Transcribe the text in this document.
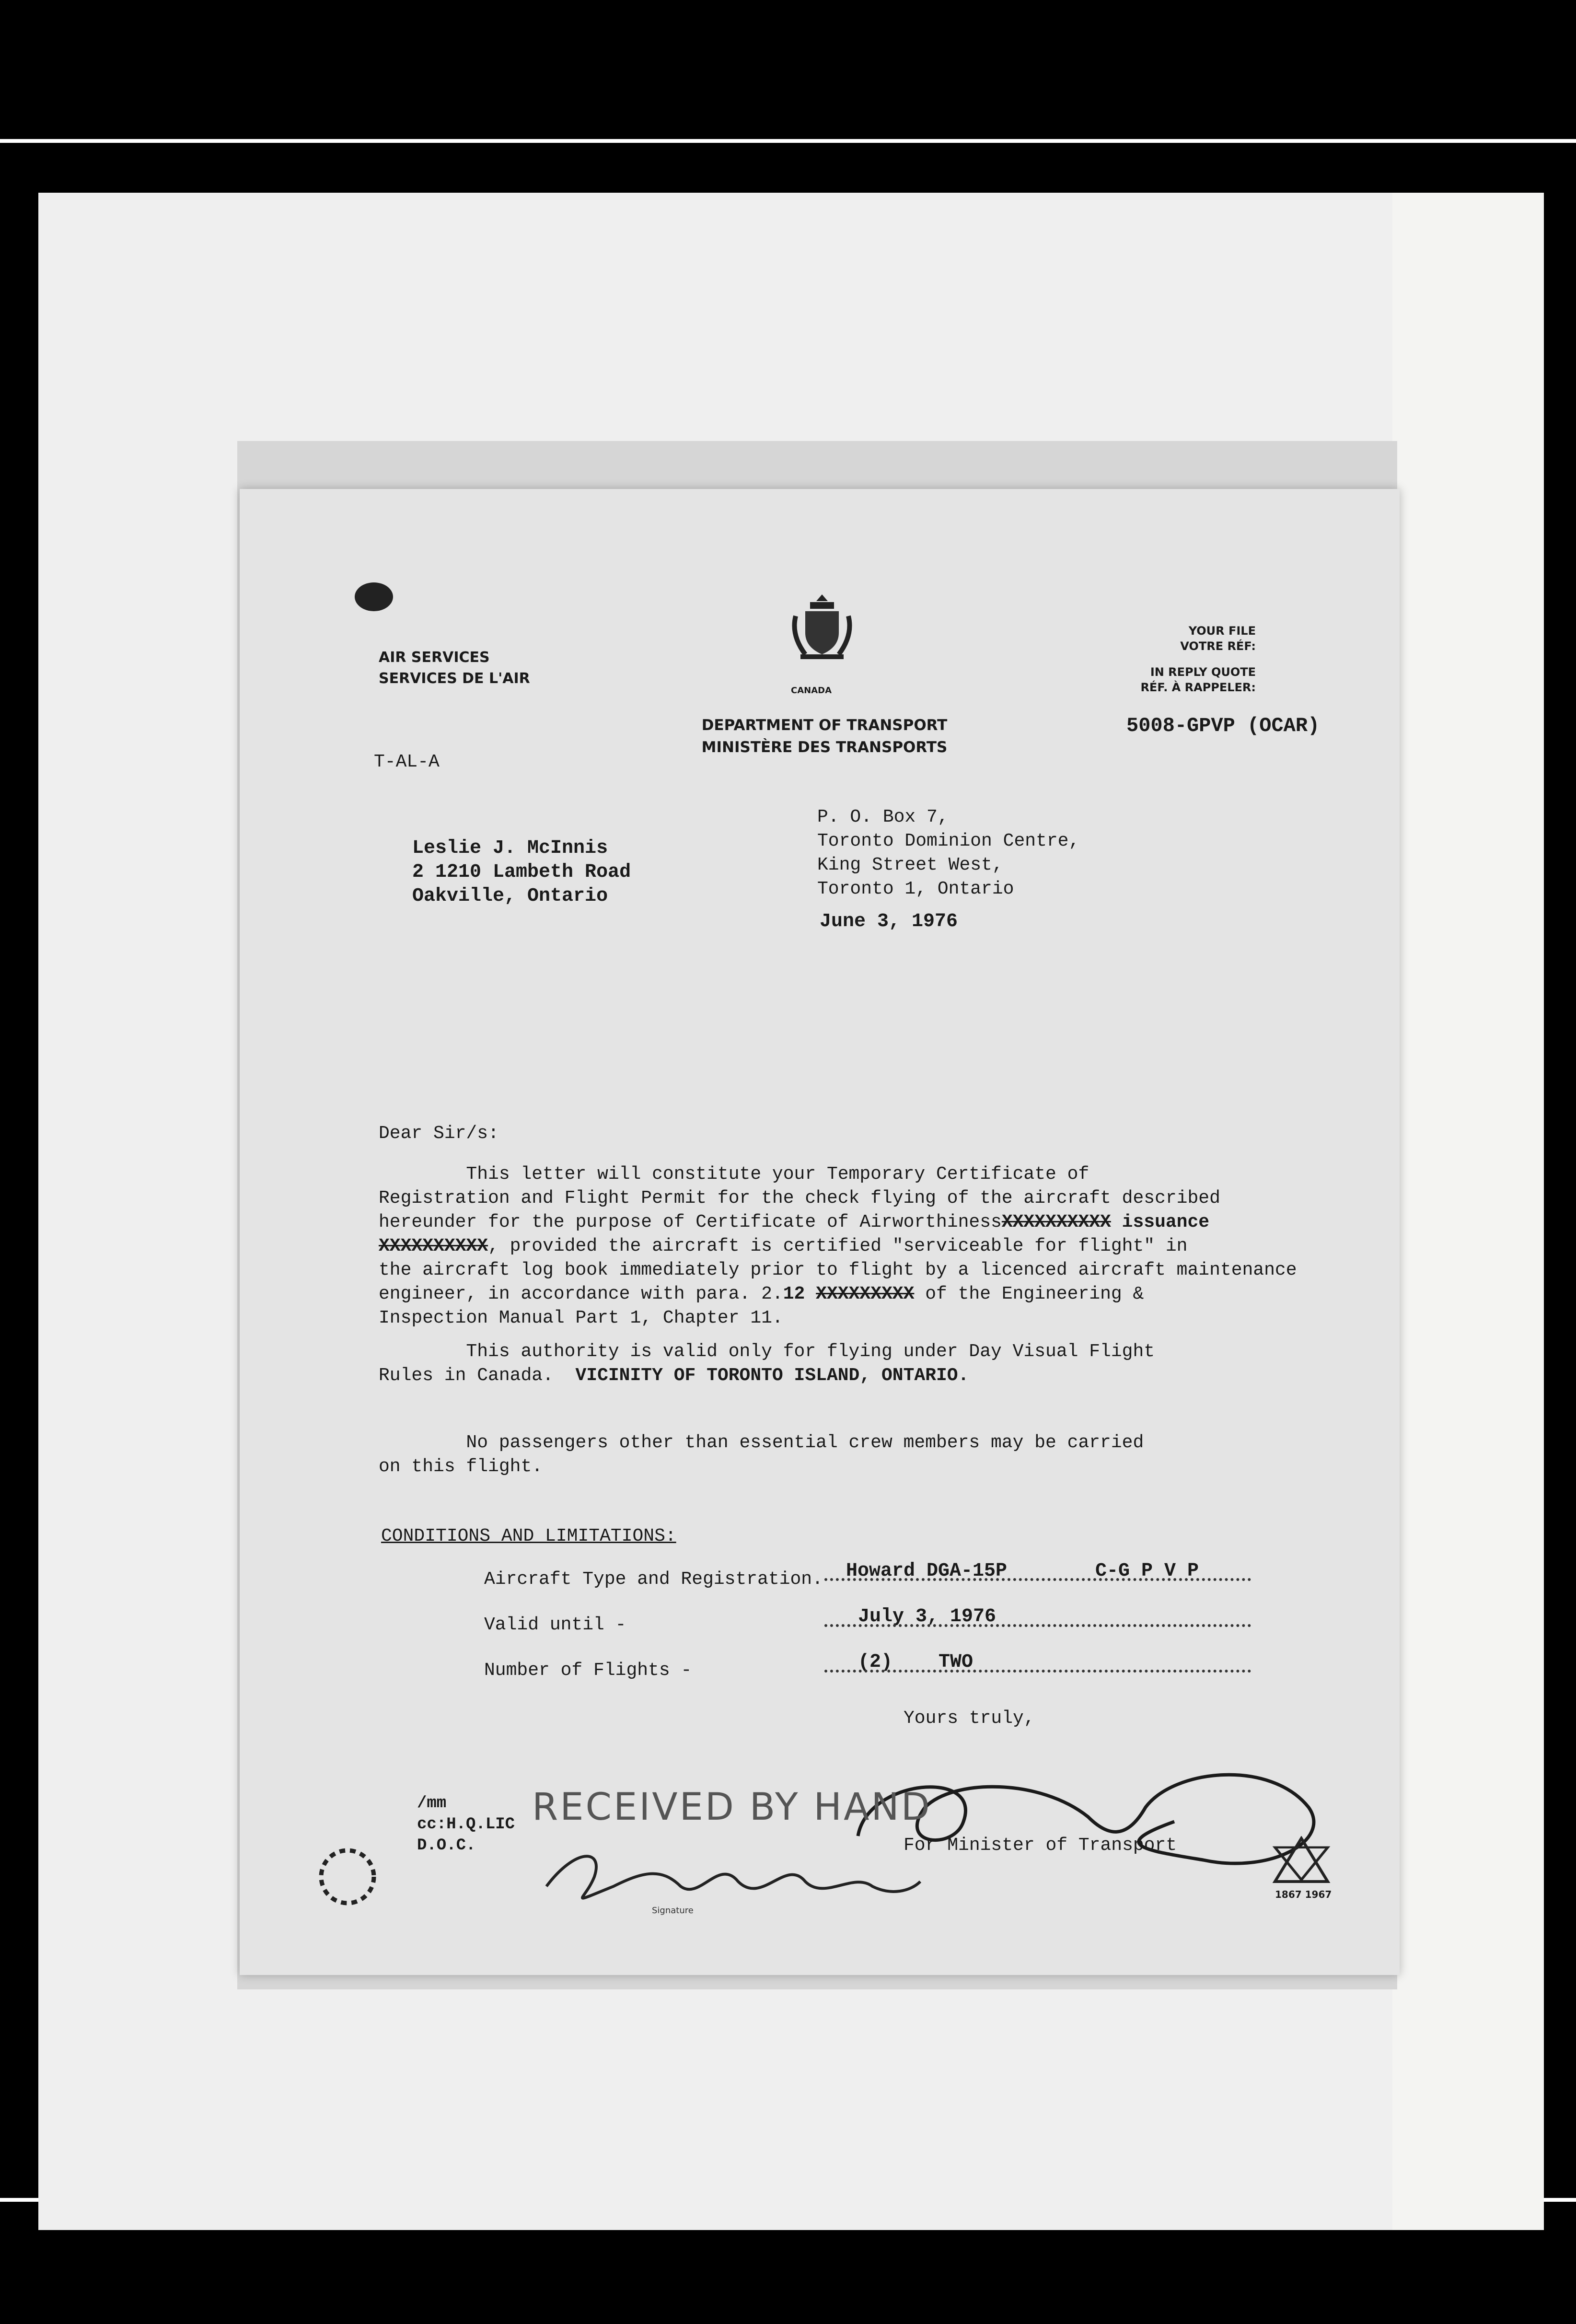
AIR SERVICES
SERVICES DE L'AIR
CANADA
DEPARTMENT OF TRANSPORT
MINISTÈRE DES TRANSPORTS
YOUR FILE
VOTRE RÉF:
IN REPLY QUOTE
RÉF. À RAPPELER:
5008-GPVP (OCAR)
T-AL-A
Leslie J. McInnis
2 1210 Lambeth Road
Oakville, Ontario
P. O. Box 7,
Toronto Dominion Centre,
King Street West,
Toronto 1, Ontario
June 3, 1976
Dear Sir/s:
This letter will constitute your Temporary Certificate of
Registration and Flight Permit for the check flying of the aircraft described
hereunder for the purpose of Certificate of AirworthinessXXXXXXXXXX issuance
XXXXXXXXXX, provided the aircraft is certified "serviceable for flight" in
the aircraft log book immediately prior to flight by a licenced aircraft maintenance
engineer, in accordance with para. 2.12 XXXXXXXXX of the Engineering &
Inspection Manual Part 1, Chapter 11.
This authority is valid only for flying under Day Visual Flight
Rules in Canada. VICINITY OF TORONTO ISLAND, ONTARIO.
No passengers other than essential crew members may be carried
on this flight.
CONDITIONS AND LIMITATIONS:
Aircraft Type and Registration. Howard DGA-15P	C-G P V P
Valid until -	July 3, 1976
Number of Flights -	(2)    TWO
Yours truly,
For Minister of Transport
/mm
cc:H.Q.LIC
D.O.C.
RECEIVED BY HAND
Signature
1867 1967
